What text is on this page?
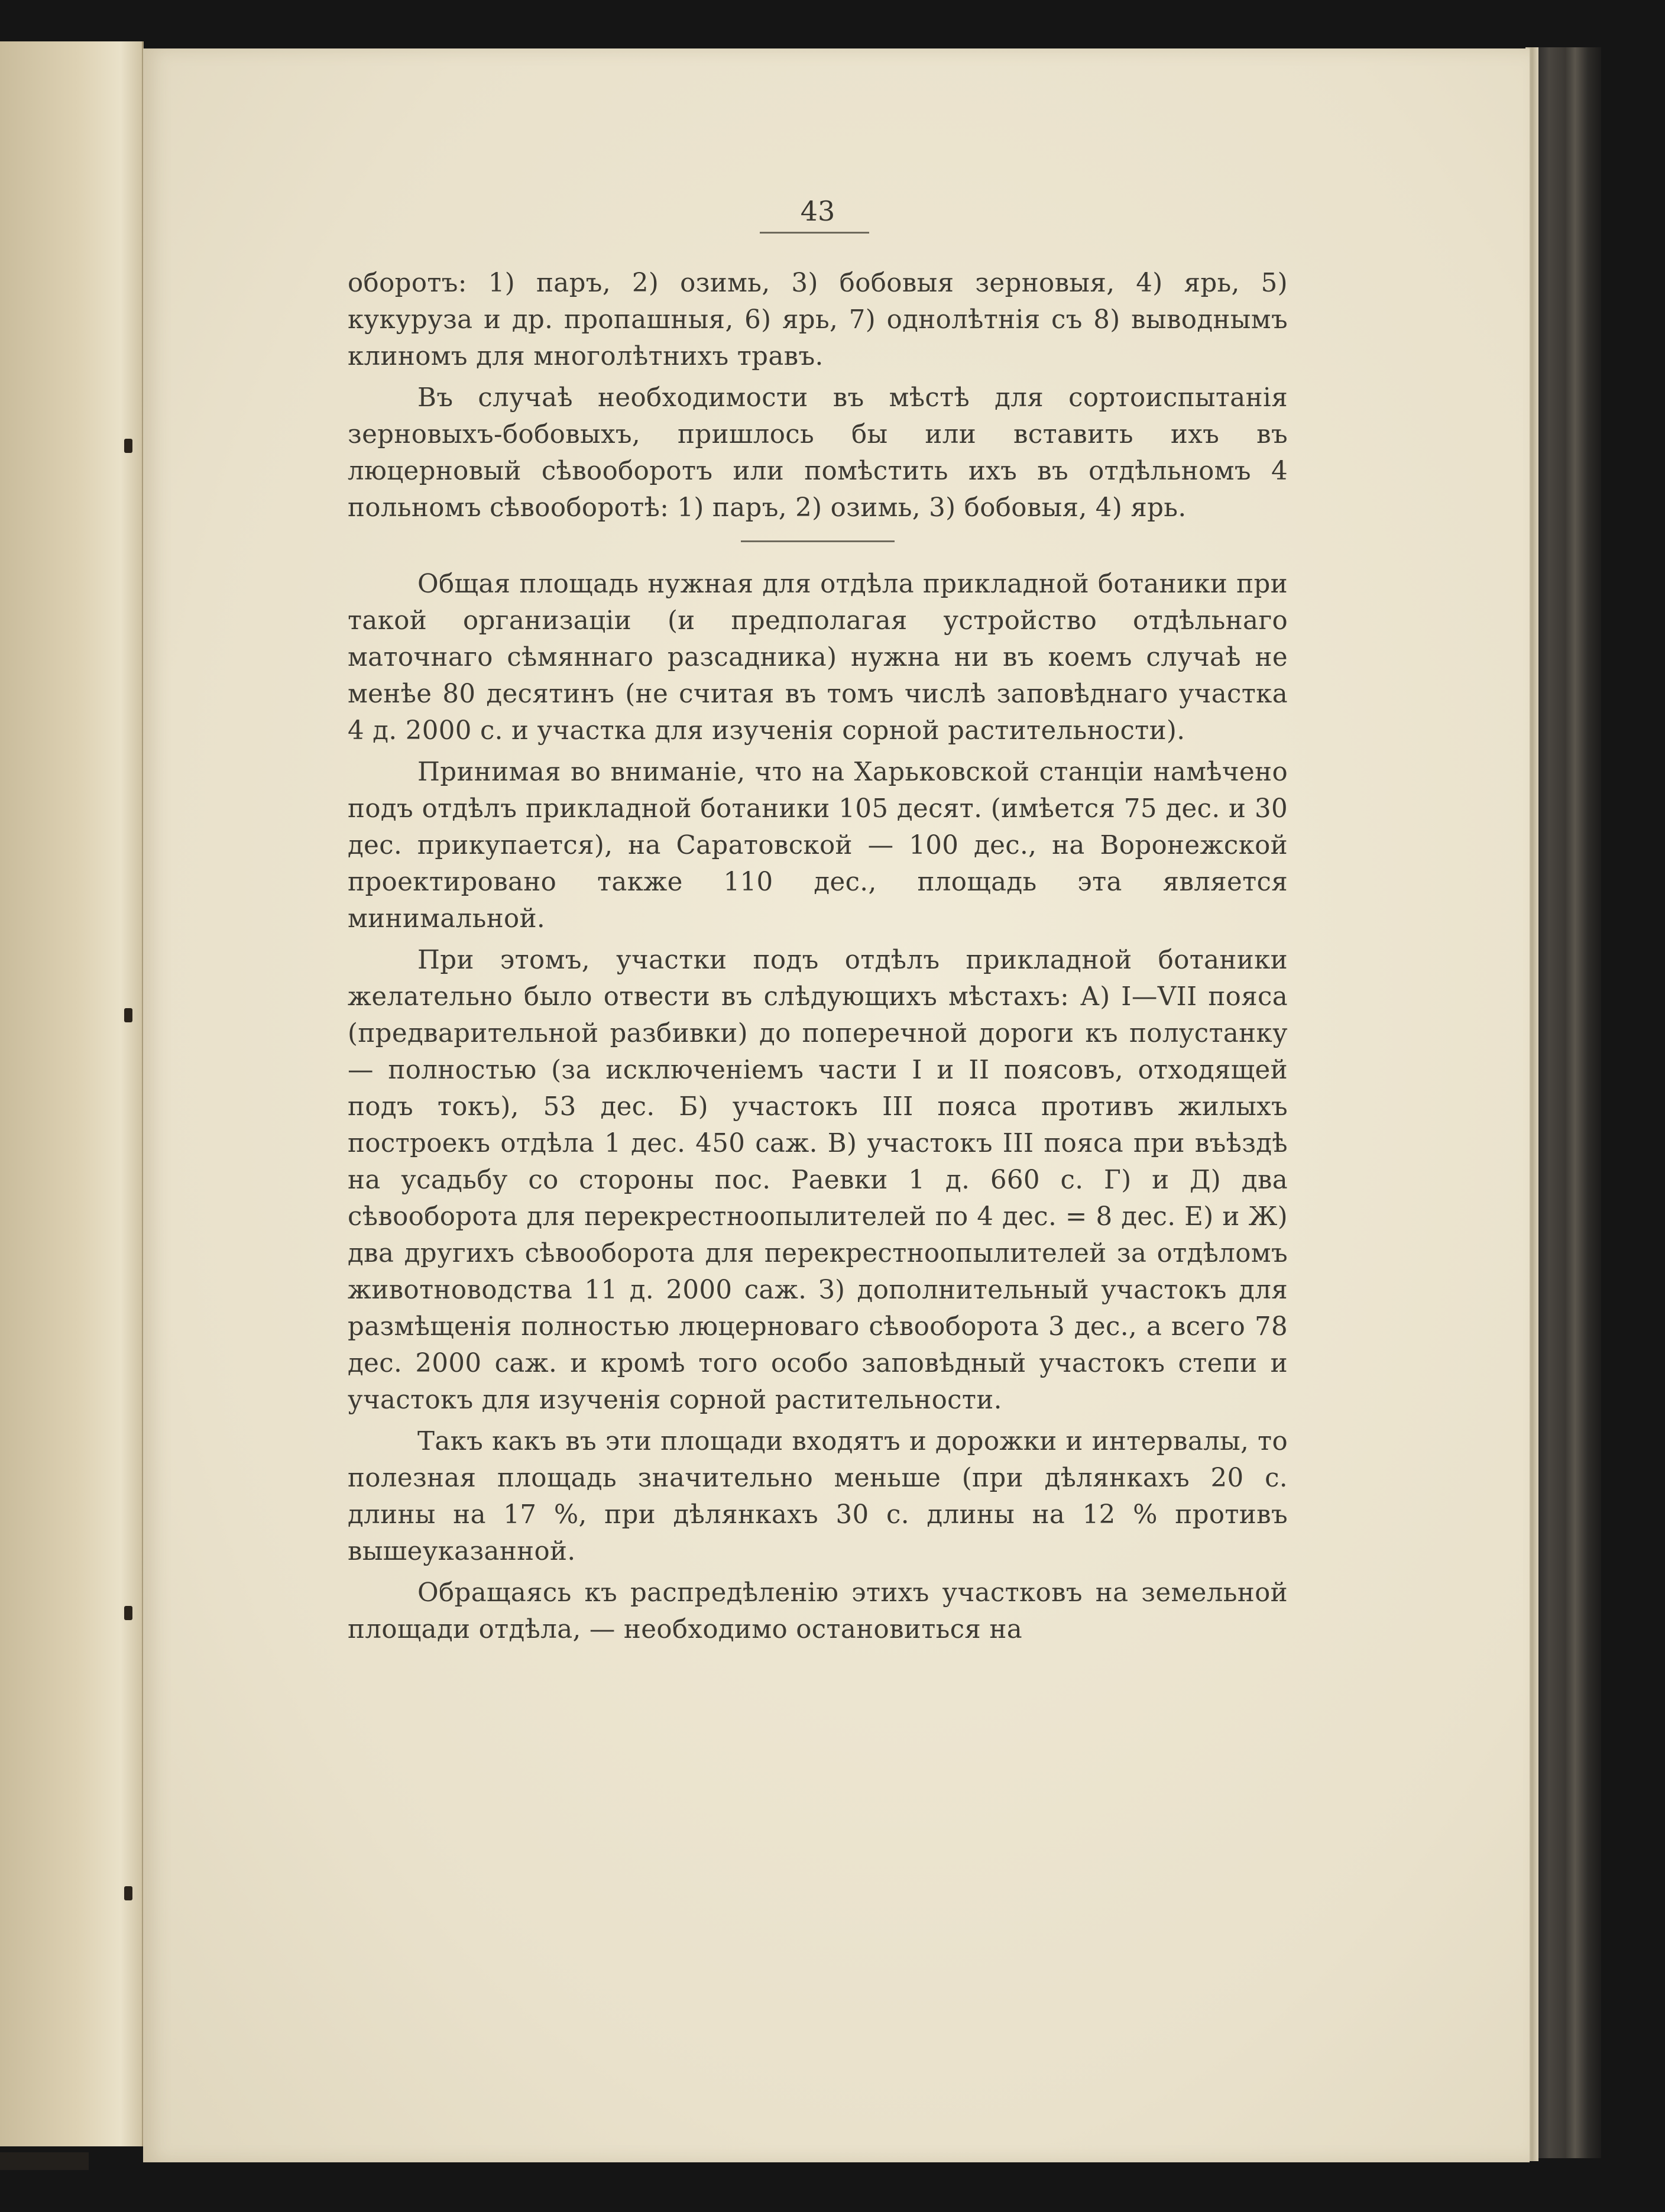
43

оборотъ: 1) паръ, 2) озимь, 3) бобовыя зерновыя, 4) ярь, 5) кукуруза и др. пропашныя, 6) ярь, 7) однолѣтнія съ 8) выводнымъ клиномъ для многолѣтнихъ травъ.

Въ случаѣ необходимости въ мѣстѣ для сортоиспытанія зерновыхъ-бобовыхъ, пришлось бы или вставить ихъ въ люцерновый сѣвооборотъ или помѣстить ихъ въ отдѣльномъ 4 польномъ сѣвооборотѣ: 1) паръ, 2) озимь, 3) бобовыя, 4) ярь.

Общая площадь нужная для отдѣла прикладной ботаники при такой организаціи (и предполагая устройство отдѣльнаго маточнаго сѣмяннаго разсадника) нужна ни въ коемъ случаѣ не менѣе 80 десятинъ (не считая въ томъ числѣ заповѣднаго участка 4 д. 2000 с. и участка для изученія сорной растительности).

Принимая во вниманіе, что на Харьковской станціи намѣчено подъ отдѣлъ прикладной ботаники 105 десят. (имѣется 75 дес. и 30 дес. прикупается), на Саратовской — 100 дес., на Воронежской проектировано также 110 дес., площадь эта является минимальной.

При этомъ, участки подъ отдѣлъ прикладной ботаники желательно было отвести въ слѣдующихъ мѣстахъ: А) I—VII пояса (предварительной разбивки) до поперечной дороги къ полустанку — полностью (за исключеніемъ части I и II поясовъ, отходящей подъ токъ), 53 дес. Б) участокъ III пояса противъ жилыхъ построекъ отдѣла 1 дес. 450 саж. В) участокъ III пояса при въѣздѣ на усадьбу со стороны пос. Раевки 1 д. 660 с. Г) и Д) два сѣвооборота для перекрестноопылителей по 4 дес. = 8 дес. Е) и Ж) два другихъ сѣвооборота для перекрестноопылителей за отдѣломъ животноводства 11 д. 2000 саж. З) дополнительный участокъ для размѣщенія полностью люцерноваго сѣвооборота 3 дес., а всего 78 дес. 2000 саж. и кромѣ того особо заповѣдный участокъ степи и участокъ для изученія сорной растительности.

Такъ какъ въ эти площади входятъ и дорожки и интервалы, то полезная площадь значительно меньше (при дѣлянкахъ 20 с. длины на 17 %, при дѣлянкахъ 30 с. длины на 12 % противъ вышеуказанной.

Обращаясь къ распредѣленію этихъ участковъ на земельной площади отдѣла, — необходимо остановиться на
